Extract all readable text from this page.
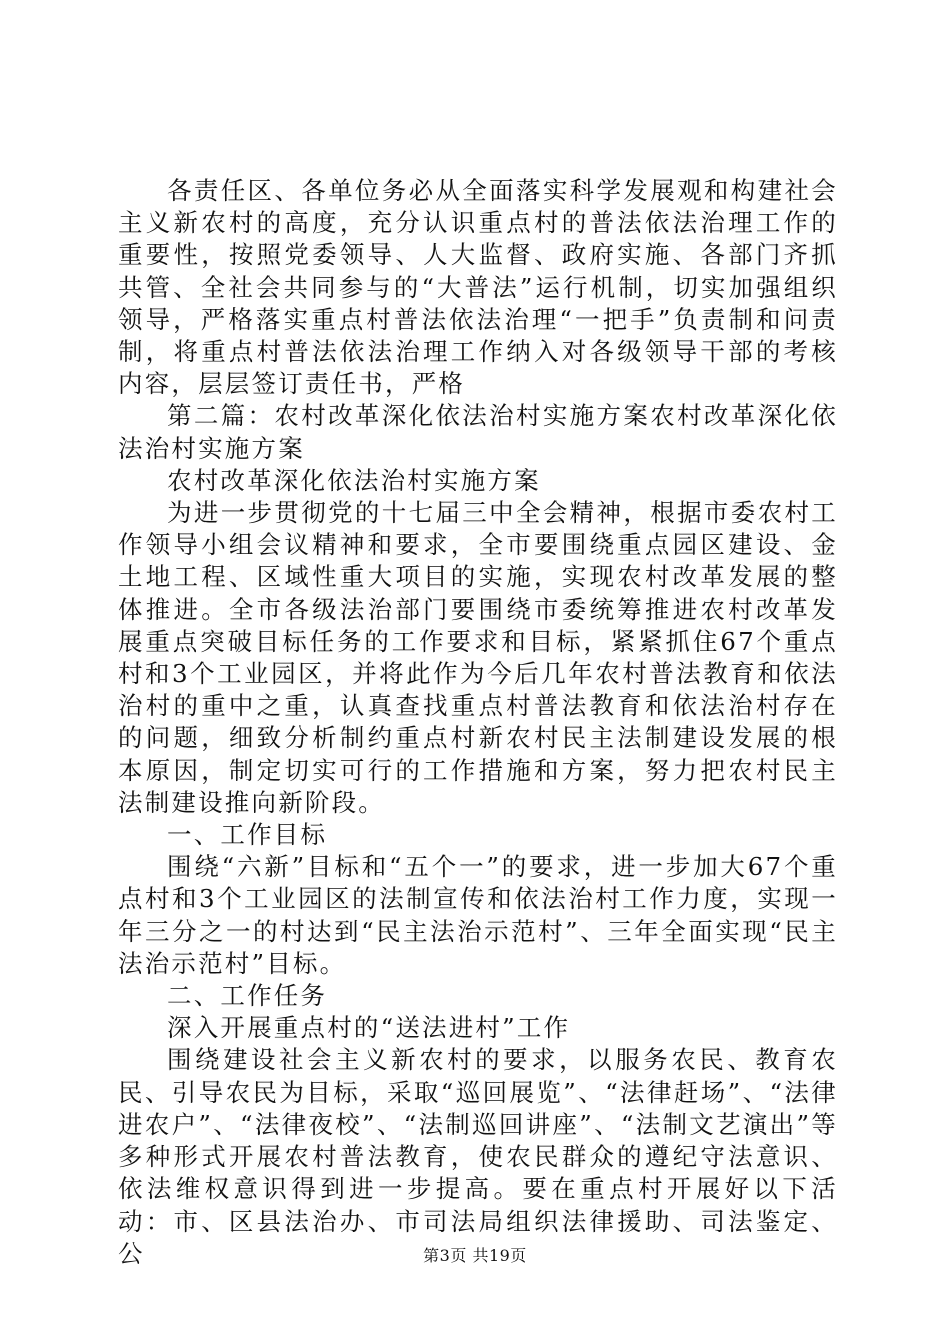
各责任区、各单位务必从全面落实科学发展观和构建社会主义新农村的高度，充分认识重点村的普法依法治理工作的重要性，按照党委领导、人大监督、政府实施、各部门齐抓共管、全社会共同参与的“大普法”运行机制，切实加强组织领导，严格落实重点村普法依法治理“一把手”负责制和问责制，将重点村普法依法治理工作纳入对各级领导干部的考核内容，层层签订责任书，严格

第二篇：农村改革深化依法治村实施方案农村改革深化依法治村实施方案

农村改革深化依法治村实施方案

为进一步贯彻党的十七届三中全会精神，根据市委农村工作领导小组会议精神和要求，全市要围绕重点园区建设、金土地工程、区域性重大项目的实施，实现农村改革发展的整体推进。全市各级法治部门要围绕市委统筹推进农村改革发展重点突破目标任务的工作要求和目标，紧紧抓住67个重点村和3个工业园区，并将此作为今后几年农村普法教育和依法治村的重中之重，认真查找重点村普法教育和依法治村存在的问题，细致分析制约重点村新农村民主法制建设发展的根本原因，制定切实可行的工作措施和方案，努力把农村民主法制建设推向新阶段。

一、工作目标

围绕“六新”目标和“五个一”的要求，进一步加大67个重点村和3个工业园区的法制宣传和依法治村工作力度，实现一年三分之一的村达到“民主法治示范村”、三年全面实现“民主法治示范村”目标。

二、工作任务

深入开展重点村的“送法进村”工作

围绕建设社会主义新农村的要求，以服务农民、教育农民、引导农民为目标，采取“巡回展览”、“法律赶场”、“法律进农户”、“法律夜校”、“法制巡回讲座”、“法制文艺演出”等多种形式开展农村普法教育，使农民群众的遵纪守法意识、依法维权意识得到进一步提高。要在重点村开展好以下活动：市、区县法治办、市司法局组织法律援助、司法鉴定、公	第3页 共19页
